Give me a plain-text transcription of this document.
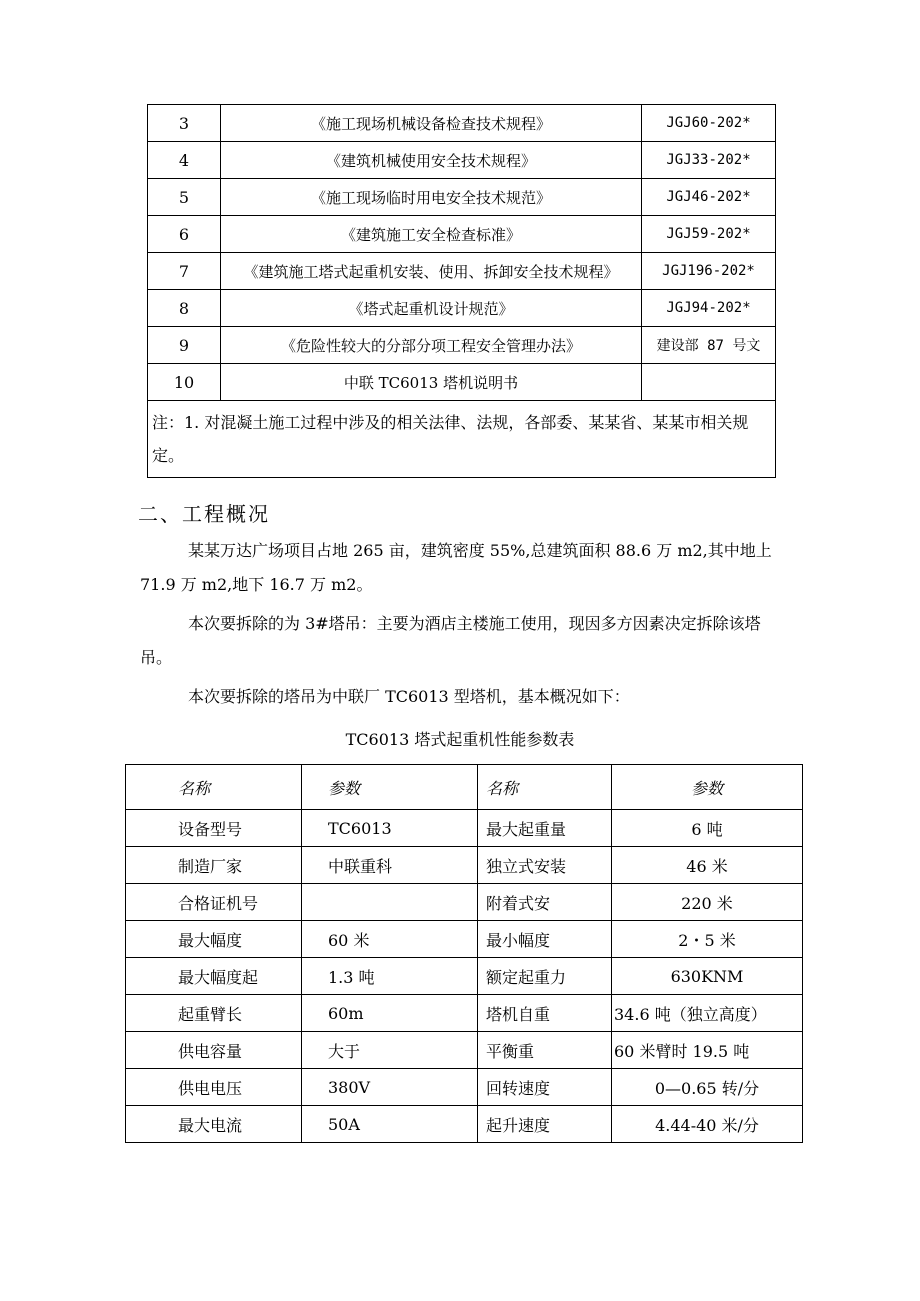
3	《施工现场机械设备检查技术规程》	JGJ60-202*
4	《建筑机械使用安全技术规程》	JGJ33-202*
5	《施工现场临时用电安全技术规范》	JGJ46-202*
6	《建筑施工安全检查标准》	JGJ59-202*
7	《建筑施工塔式起重机安装、使用、拆卸安全技术规程》	JGJ196-202*
8	《塔式起重机设计规范》	JGJ94-202*
9	《危险性较大的分部分项工程安全管理办法》	建设部 87 号文
10	中联 TC6013 塔机说明书	
注：1. 对混凝土施工过程中涉及的相关法律、法规，各部委、某某省、某某市相关规定。		
二、工程概况

某某万达广场项目占地 265 亩，建筑密度 55%,总建筑面积 88.6 万 m2,其中地上 71.9 万 m2,地下 16.7 万 m2。

本次要拆除的为 3#塔吊：主要为酒店主楼施工使用，现因多方因素决定拆除该塔吊。

本次要拆除的塔吊为中联厂 TC6013 型塔机，基本概况如下：

TC6013 塔式起重机性能参数表
名称	参数	名称	参数
设备型号	TC6013	最大起重量	6 吨
制造厂家	中联重科	独立式安装	46 米
合格证机号		附着式安	220 米
最大幅度	60 米	最小幅度	2・5 米
最大幅度起	1.3 吨	额定起重力	630KNM
起重臂长	60m	塔机自重	34.6 吨（独立高度）
供电容量	大于	平衡重	60 米臂时 19.5 吨
供电电压	380V	回转速度	0—0.65 转/分
最大电流	50A	起升速度	4.44-40 米/分
